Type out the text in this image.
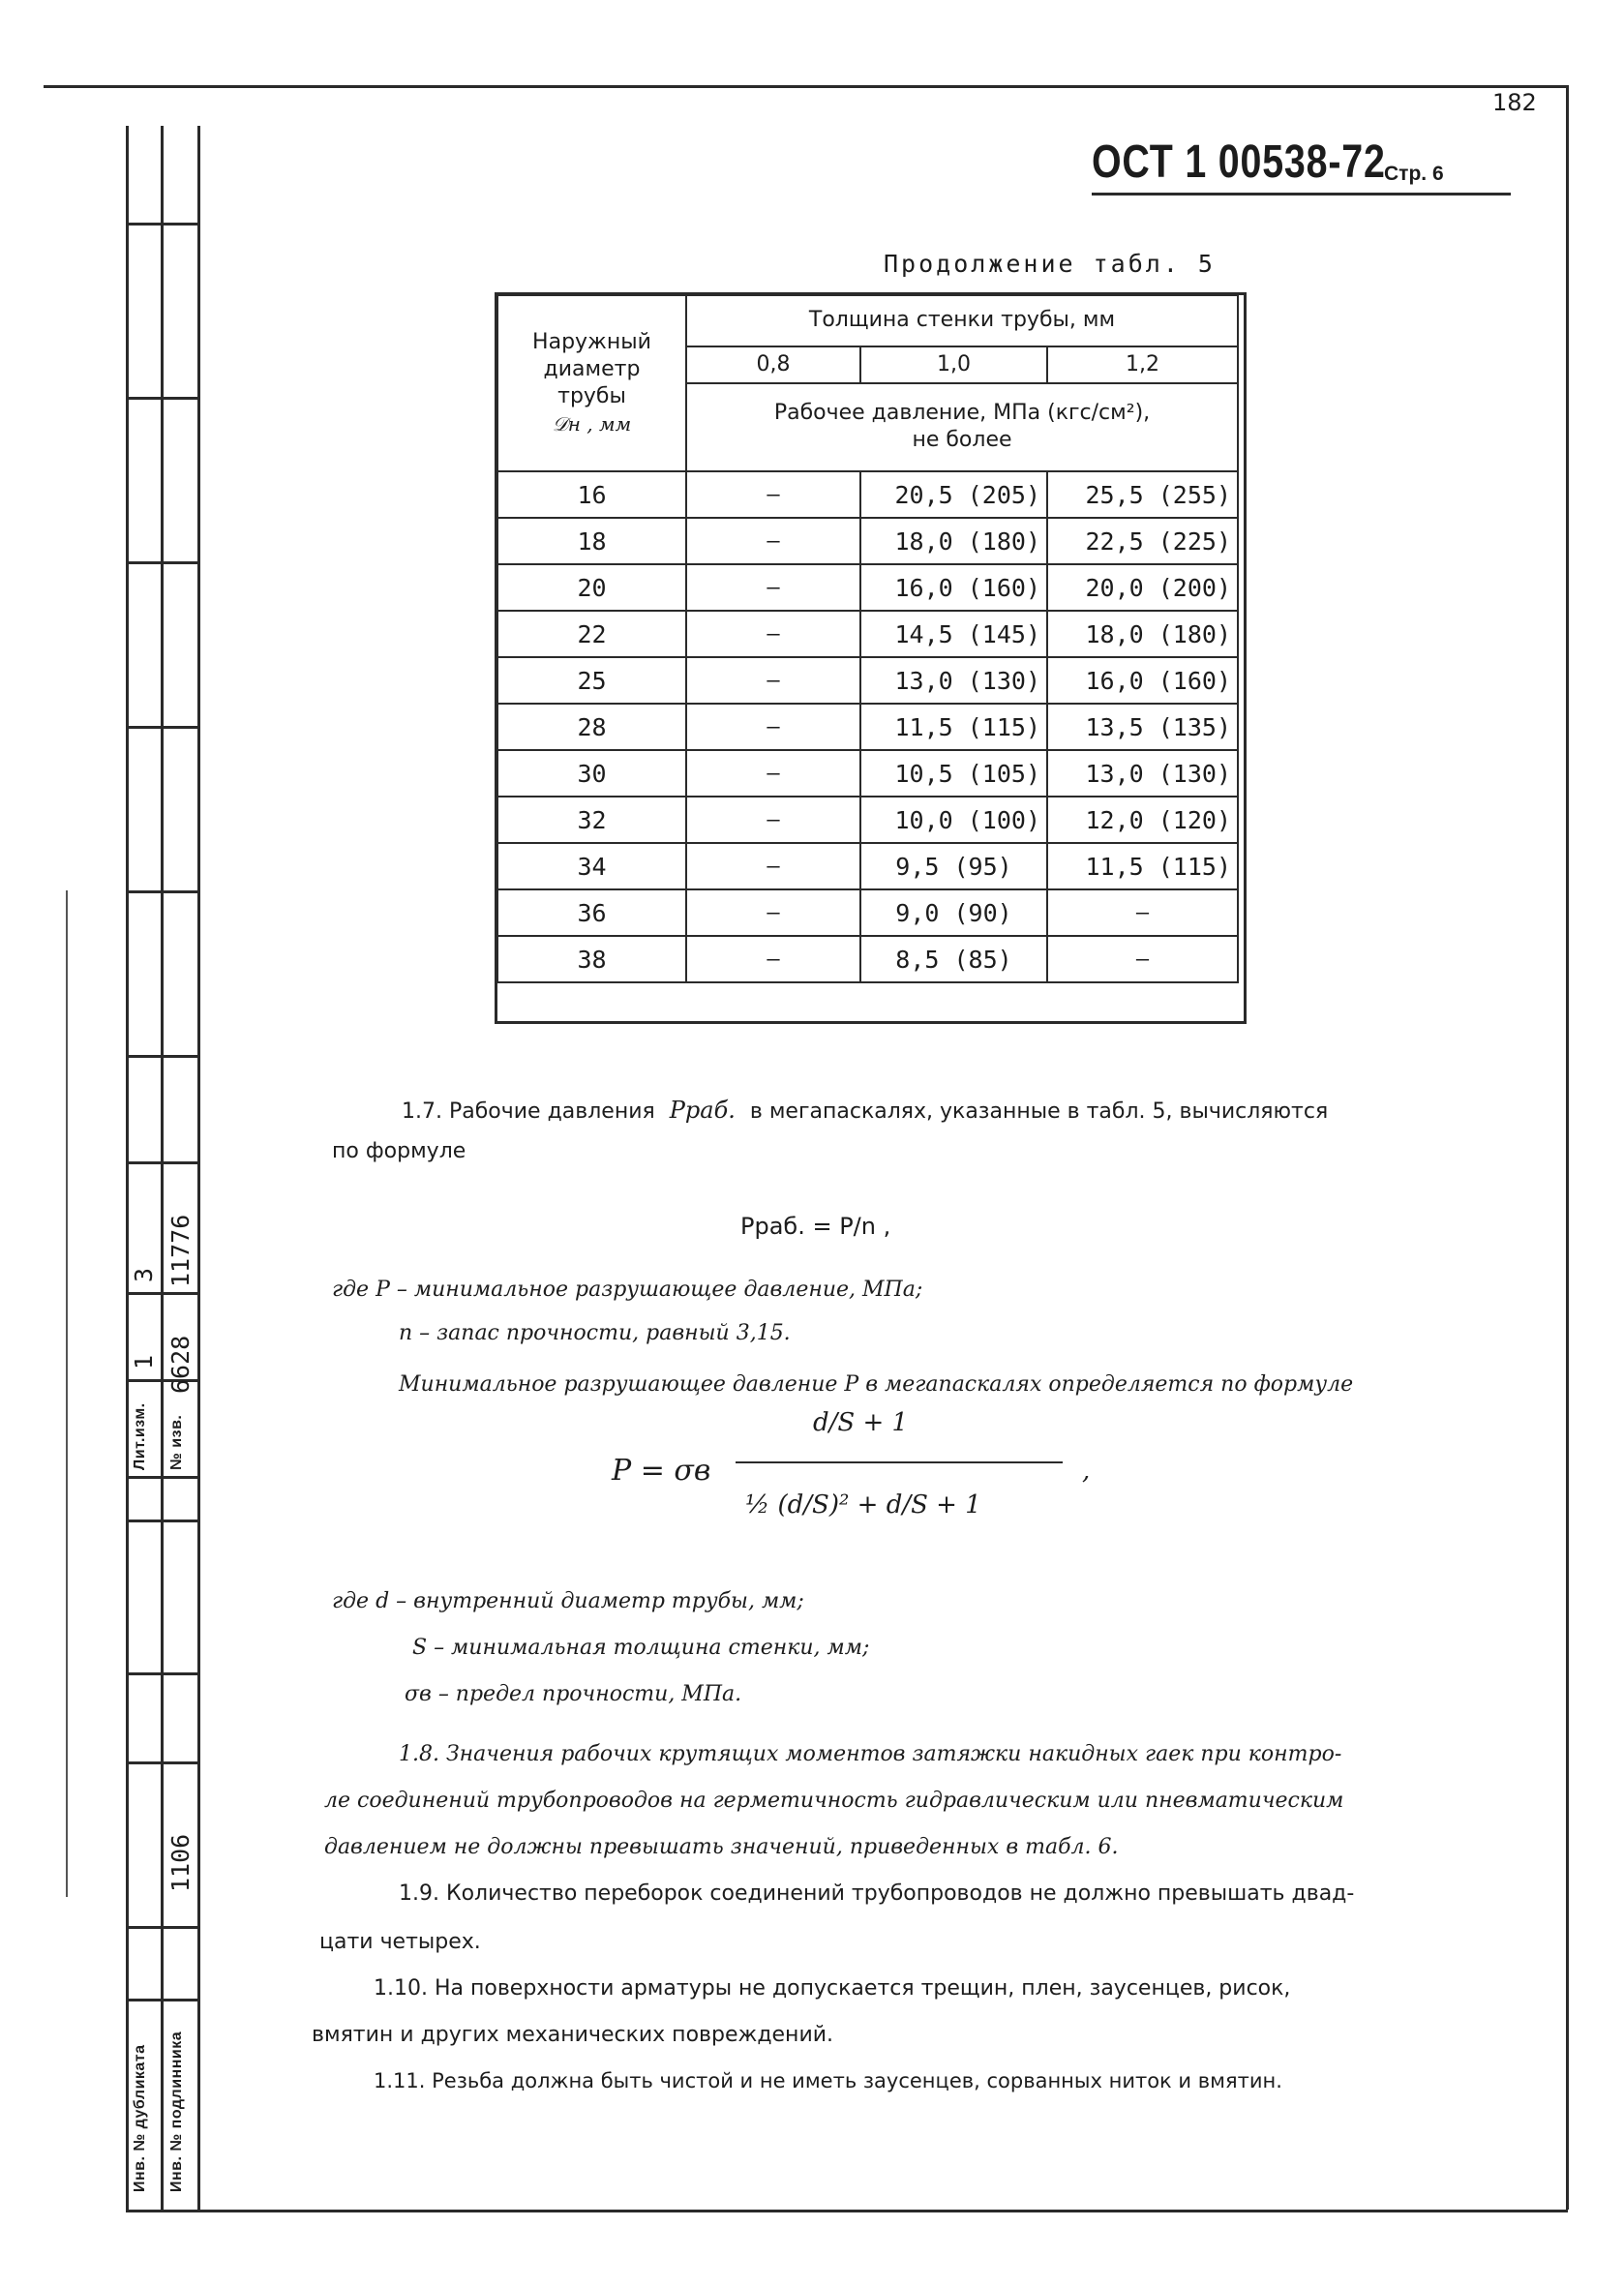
Лит.изм. № изв.
1
3
6628
11776
1106
Инв. № дубликата Инв. № подлинника
182
ОСТ 1 00538-72
Стр. 6
Продолжение табл. 5
Наружный
диаметр
трубы
𝒟н , мм	Толщина стенки трубы, мм		
	0,8	1,0	1,2

	Рабочее давление, МПа (кгс/см²),
не более		

16	–	20,5 (205)	25,5 (255)
18	–	18,0 (180)	22,5 (225)
20	–	16,0 (160)	20,0 (200)
22	–	14,5 (145)	18,0 (180)
25	–	13,0 (130)	16,0 (160)
28	–	11,5 (115)	13,5 (135)
30	–	10,5 (105)	13,0 (130)
32	–	10,0 (100)	12,0 (120)
34	–	9,5 (95)	11,5 (115)
36	–	9,0 (90)	–
38	–	8,5 (85)	–
1.7. Рабочие давления Pраб. в мегапаскалях, указанные в табл. 5, вычисляются
по формуле
Pраб. = P/n ,
где P – минимальное разрушающее давление, МПа;
n – запас прочности, равный 3,15.
Минимальное разрушающее давление P в мегапаскалях определяется по формуле
P = σв
d/S + 1
½ (d/S)² + d/S + 1
,
где d – внутренний диаметр трубы, мм;
S – минимальная толщина стенки, мм;
σв – предел прочности, МПа.
1.8. Значения рабочих крутящих моментов затяжки накидных гаек при контро-
ле соединений трубопроводов на герметичность гидравлическим или пневматическим
давлением не должны превышать значений, приведенных в табл. 6.
1.9. Количество переборок соединений трубопроводов не должно превышать двад-
цати четырех.
1.10. На поверхности арматуры не допускается трещин, плен, заусенцев, рисок,
вмятин и других механических повреждений.
1.11. Резьба должна быть чистой и не иметь заусенцев, сорванных ниток и вмятин.
